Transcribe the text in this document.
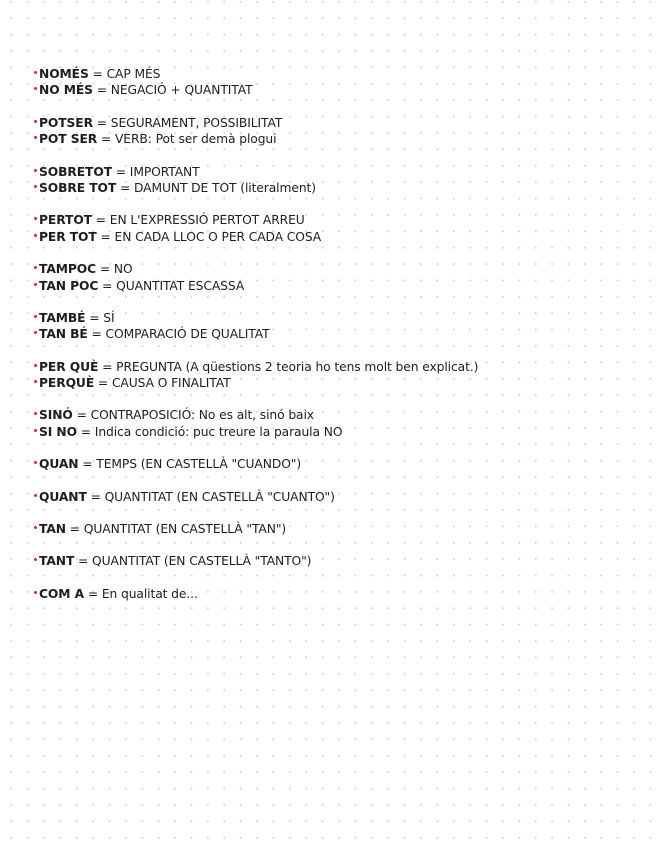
NOMÉS = CAP MÉS
NO MÉS = NEGACIÓ + QUANTITAT
POTSER = SEGURAMENT, POSSIBILITAT
POT SER = VERB: Pot ser demà plogui
SOBRETOT = IMPORTANT
SOBRE TOT = DAMUNT DE TOT (literalment)
PERTOT = EN L'EXPRESSIÓ PERTOT ARREU
PER TOT = EN CADA LLOC O PER CADA COSA
TAMPOC = NO
TAN POC = QUANTITAT ESCASSA
TAMBÉ = SÍ
TAN BÉ = COMPARACIÓ DE QUALITAT
PER QUÈ = PREGUNTA (A qüestions 2 teoria ho tens molt ben explicat.)
PERQUÈ = CAUSA O FINALITAT
SINÓ = CONTRAPOSICIÓ: No es alt, sinó baix
SI NO = Indica condició: puc treure la paraula NO
QUAN = TEMPS (EN CASTELLÀ "CUANDO")
QUANT = QUANTITAT (EN CASTELLÀ "CUANTO")
TAN = QUANTITAT (EN CASTELLÀ "TAN")
TANT = QUANTITAT (EN CASTELLÀ "TANTO")
COM A = En qualitat de...
